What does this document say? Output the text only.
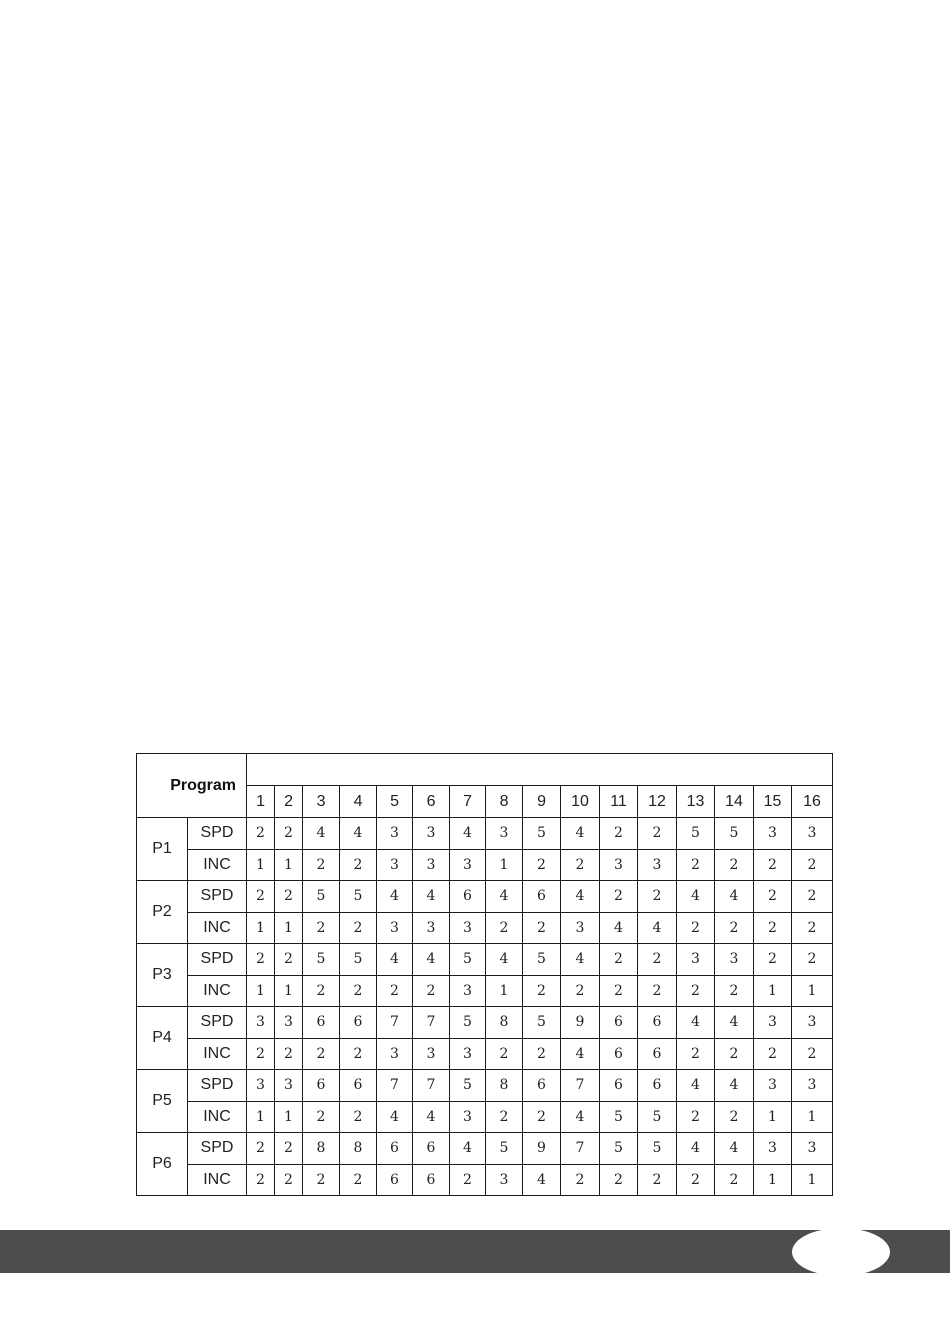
Program																	
		1	2	3	4	5	6	7	8	9	10	11	12	13	14	15	16
P1	SPD	2	2	4	4	3	3	4	3	5	4	2	2	5	5	3	3
	INC	1	1	2	2	3	3	3	1	2	2	3	3	2	2	2	2
P2	SPD	2	2	5	5	4	4	6	4	6	4	2	2	4	4	2	2
	INC	1	1	2	2	3	3	3	2	2	3	4	4	2	2	2	2
P3	SPD	2	2	5	5	4	4	5	4	5	4	2	2	3	3	2	2
	INC	1	1	2	2	2	2	3	1	2	2	2	2	2	2	1	1
P4	SPD	3	3	6	6	7	7	5	8	5	9	6	6	4	4	3	3
	INC	2	2	2	2	3	3	3	2	2	4	6	6	2	2	2	2
P5	SPD	3	3	6	6	7	7	5	8	6	7	6	6	4	4	3	3
	INC	1	1	2	2	4	4	3	2	2	4	5	5	2	2	1	1
P6	SPD	2	2	8	8	6	6	4	5	9	7	5	5	4	4	3	3
	INC	2	2	2	2	6	6	2	3	4	2	2	2	2	2	1	1
